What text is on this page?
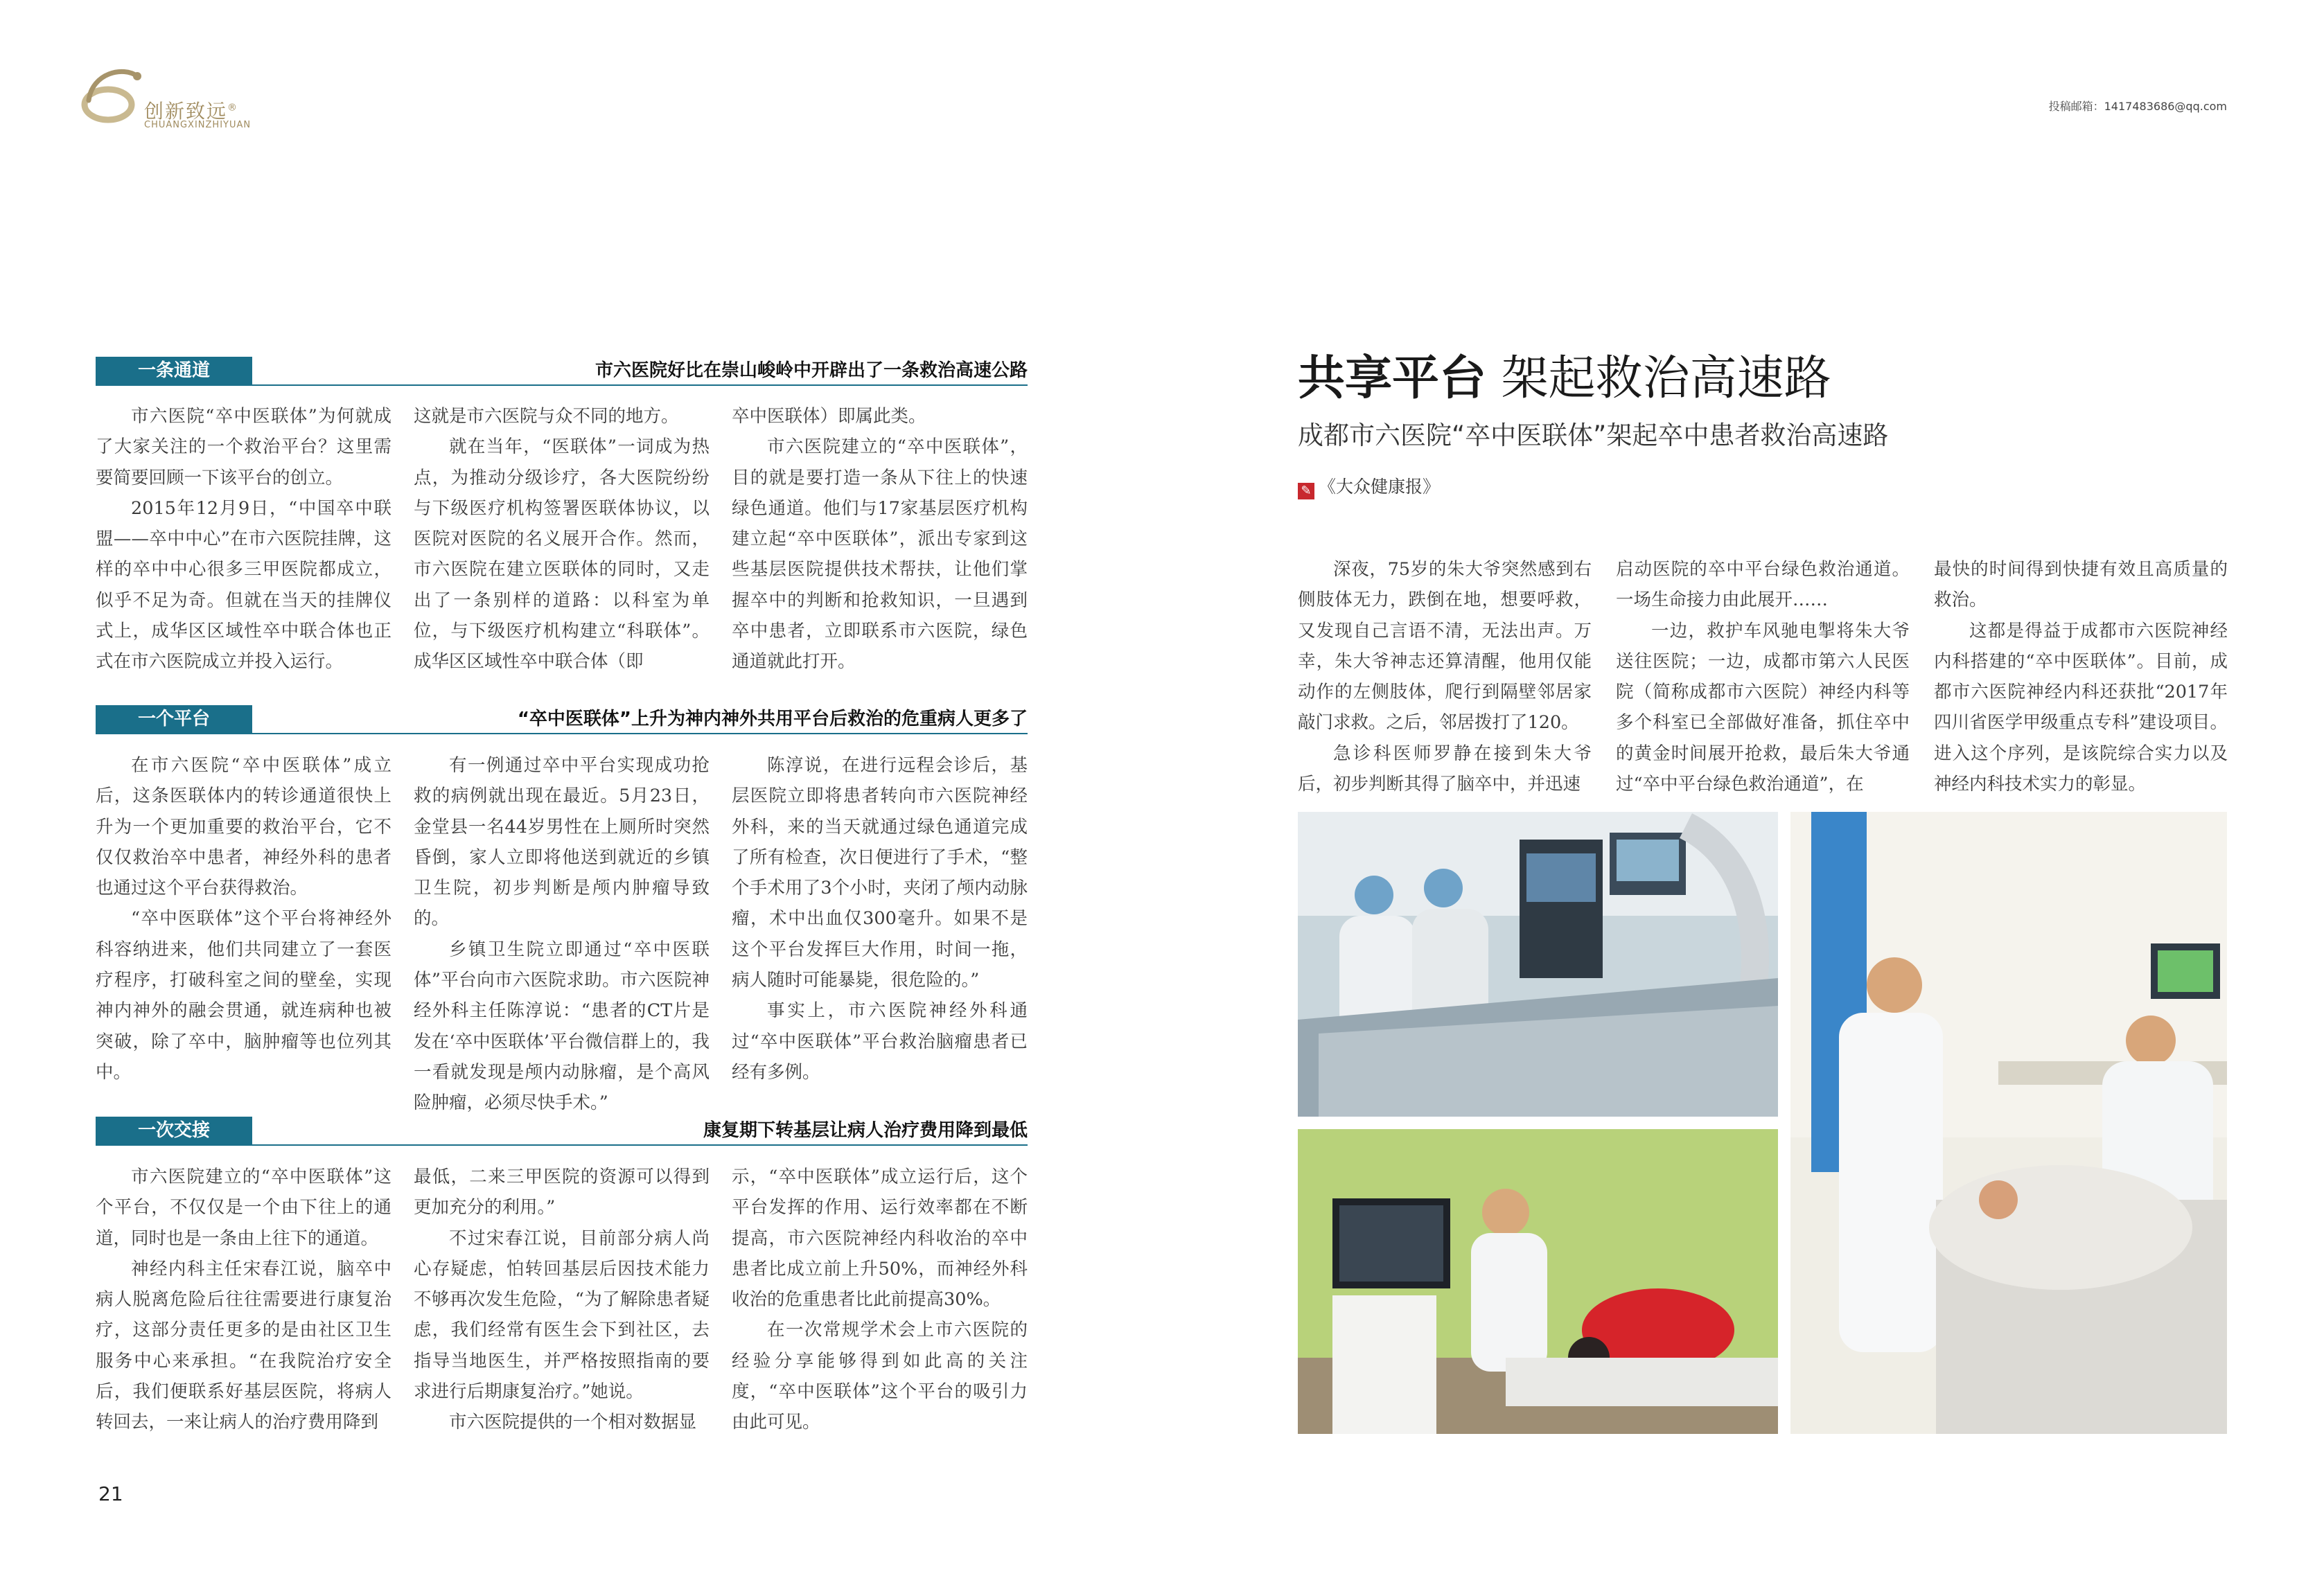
创新致远®
CHUANGXINZHIYUAN
投稿邮箱：1417483686@qq.com
一条通道	市六医院好比在崇山峻岭中开辟出了一条救治高速公路

市六医院“卒中医联体”为何就成了大家关注的一个救治平台？这里需要简要回顾一下该平台的创立。

2015年12月9日，“中国卒中联盟——卒中中心”在市六医院挂牌，这样的卒中中心很多三甲医院都成立，似乎不足为奇。但就在当天的挂牌仪式上，成华区区域性卒中联合体也正式在市六医院成立并投入运行。

这就是市六医院与众不同的地方。

就在当年，“医联体”一词成为热点，为推动分级诊疗，各大医院纷纷与下级医疗机构签署医联体协议，以医院对医院的名义展开合作。然而，市六医院在建立医联体的同时，又走出了一条别样的道路：以科室为单位，与下级医疗机构建立“科联体”。成华区区域性卒中联合体（即

卒中医联体）即属此类。

市六医院建立的“卒中医联体”，目的就是要打造一条从下往上的快速绿色通道。他们与17家基层医疗机构建立起“卒中医联体”，派出专家到这些基层医院提供技术帮扶，让他们掌握卒中的判断和抢救知识，一旦遇到卒中患者，立即联系市六医院，绿色通道就此打开。

一个平台	“卒中医联体”上升为神内神外共用平台后救治的危重病人更多了

在市六医院“卒中医联体”成立后，这条医联体内的转诊通道很快上升为一个更加重要的救治平台，它不仅仅救治卒中患者，神经外科的患者也通过这个平台获得救治。

“卒中医联体”这个平台将神经外科容纳进来，他们共同建立了一套医疗程序，打破科室之间的壁垒，实现神内神外的融会贯通，就连病种也被突破，除了卒中，脑肿瘤等也位列其中。

有一例通过卒中平台实现成功抢救的病例就出现在最近。5月23日，金堂县一名44岁男性在上厕所时突然昏倒，家人立即将他送到就近的乡镇卫生院，初步判断是颅内肿瘤导致的。

乡镇卫生院立即通过“卒中医联体”平台向市六医院求助。市六医院神经外科主任陈淳说：“患者的CT片是发在‘卒中医联体’平台微信群上的，我一看就发现是颅内动脉瘤，是个高风险肿瘤，必须尽快手术。”

陈淳说，在进行远程会诊后，基层医院立即将患者转向市六医院神经外科，来的当天就通过绿色通道完成了所有检查，次日便进行了手术，“整个手术用了3个小时，夹闭了颅内动脉瘤，术中出血仅300毫升。如果不是这个平台发挥巨大作用，时间一拖，病人随时可能暴毙，很危险的。”

事实上，市六医院神经外科通过“卒中医联体”平台救治脑瘤患者已经有多例。

一次交接	康复期下转基层让病人治疗费用降到最低

市六医院建立的“卒中医联体”这个平台，不仅仅是一个由下往上的通道，同时也是一条由上往下的通道。

神经内科主任宋春江说，脑卒中病人脱离危险后往往需要进行康复治疗，这部分责任更多的是由社区卫生服务中心来承担。“在我院治疗安全后，我们便联系好基层医院，将病人转回去，一来让病人的治疗费用降到

最低，二来三甲医院的资源可以得到更加充分的利用。”

不过宋春江说，目前部分病人尚心存疑虑，怕转回基层后因技术能力不够再次发生危险，“为了解除患者疑虑，我们经常有医生会下到社区，去指导当地医生，并严格按照指南的要求进行后期康复治疗。”她说。

市六医院提供的一个相对数据显

示，“卒中医联体”成立运行后，这个平台发挥的作用、运行效率都在不断提高，市六医院神经内科收治的卒中患者比成立前上升50%，而神经外科收治的危重患者比此前提高30%。

在一次常规学术会上市六医院的经验分享能够得到如此高的关注度，“卒中医联体”这个平台的吸引力由此可见。

21
共享平台 架起救治高速路
成都市六医院“卒中医联体”架起卒中患者救治高速路
✎ 《大众健康报》

深夜，75岁的朱大爷突然感到右侧肢体无力，跌倒在地，想要呼救，又发现自己言语不清，无法出声。万幸，朱大爷神志还算清醒，他用仅能动作的左侧肢体，爬行到隔壁邻居家敲门求救。之后，邻居拨打了120。

急诊科医师罗静在接到朱大爷后，初步判断其得了脑卒中，并迅速

启动医院的卒中平台绿色救治通道。一场生命接力由此展开……

一边，救护车风驰电掣将朱大爷送往医院；一边，成都市第六人民医院（简称成都市六医院）神经内科等多个科室已全部做好准备，抓住卒中的黄金时间展开抢救，最后朱大爷通过“卒中平台绿色救治通道”，在

最快的时间得到快捷有效且高质量的救治。

这都是得益于成都市六医院神经内科搭建的“卒中医联体”。目前，成都市六医院神经内科还获批“2017年四川省医学甲级重点专科”建设项目。进入这个序列，是该院综合实力以及神经内科技术实力的彰显。
